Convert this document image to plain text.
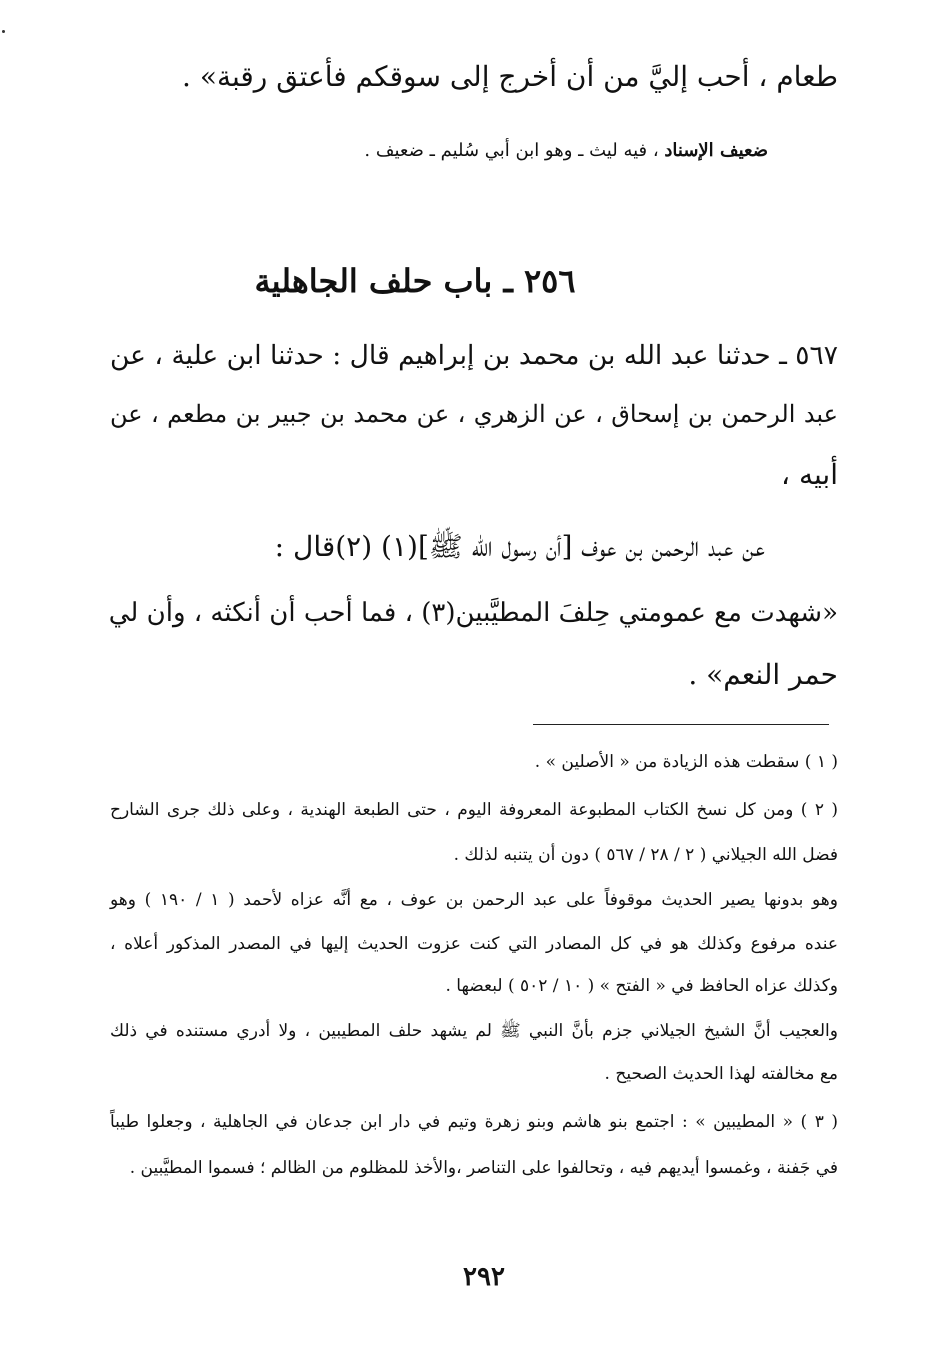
طعام ، أحب إليَّ من أن أخرج إلى سوقكم فأعتق رقبة» .
ضعيف الإسناد ، فيه ليث ـ وهو ابن أبي سُليم ـ ضعيف .
٢٥٦ ـ باب حلف الجاهلية
٥٦٧ ـ حدثنا عبد الله بن محمد بن إبراهيم قال : حدثنا ابن علية ، عن
عبد الرحمن بن إسحاق ، عن الزهري ، عن محمد بن جبير بن مطعم ، عن
أبيه ،
عن عبد الرحمن بن عوف [أن رسول الله ﷺ](١) (٢)قال :
«شهدت مع عمومتي حِلفَ المطيَّبين(٣) ، فما أحب أن أنكثه ، وأن لي
حمر النعم» .
( ١ ) سقطت هذه الزيادة من « الأصلين » .
( ٢ ) ومن كل نسخ الكتاب المطبوعة المعروفة اليوم ، حتى الطبعة الهندية ، وعلى ذلك جرى الشارح
فضل الله الجيلاني ( ٢ / ٢٨ / ٥٦٧ ) دون أن يتنبه لذلك .
وهو بدونها يصير الحديث موقوفاً على عبد الرحمن بن عوف ، مع أنَّه عزاه لأحمد ( ١ / ١٩٠ ) وهو
عنده مرفوع وكذلك هو في كل المصادر التي كنت عزوت الحديث إليها في المصدر المذكور أعلاه ،
وكذلك عزاه الحافظ في « الفتح » ( ١٠ / ٥٠٢ ) لبعضها .
والعجيب أنَّ الشيخ الجيلاني جزم بأنَّ النبي ﷺ لم يشهد حلف المطيبين ، ولا أدري مستنده في ذلك
مع مخالفته لهذا الحديث الصحيح .
( ٣ ) « المطيبين » : اجتمع بنو هاشم وبنو زهرة وتيم في دار ابن جدعان في الجاهلية ، وجعلوا طيباً
في جَفنة ، وغمسوا أيديهم فيه ، وتحالفوا على التناصر ،والأخذ للمظلوم من الظالم ؛ فسموا المطيَّبين .
٢٩٢
